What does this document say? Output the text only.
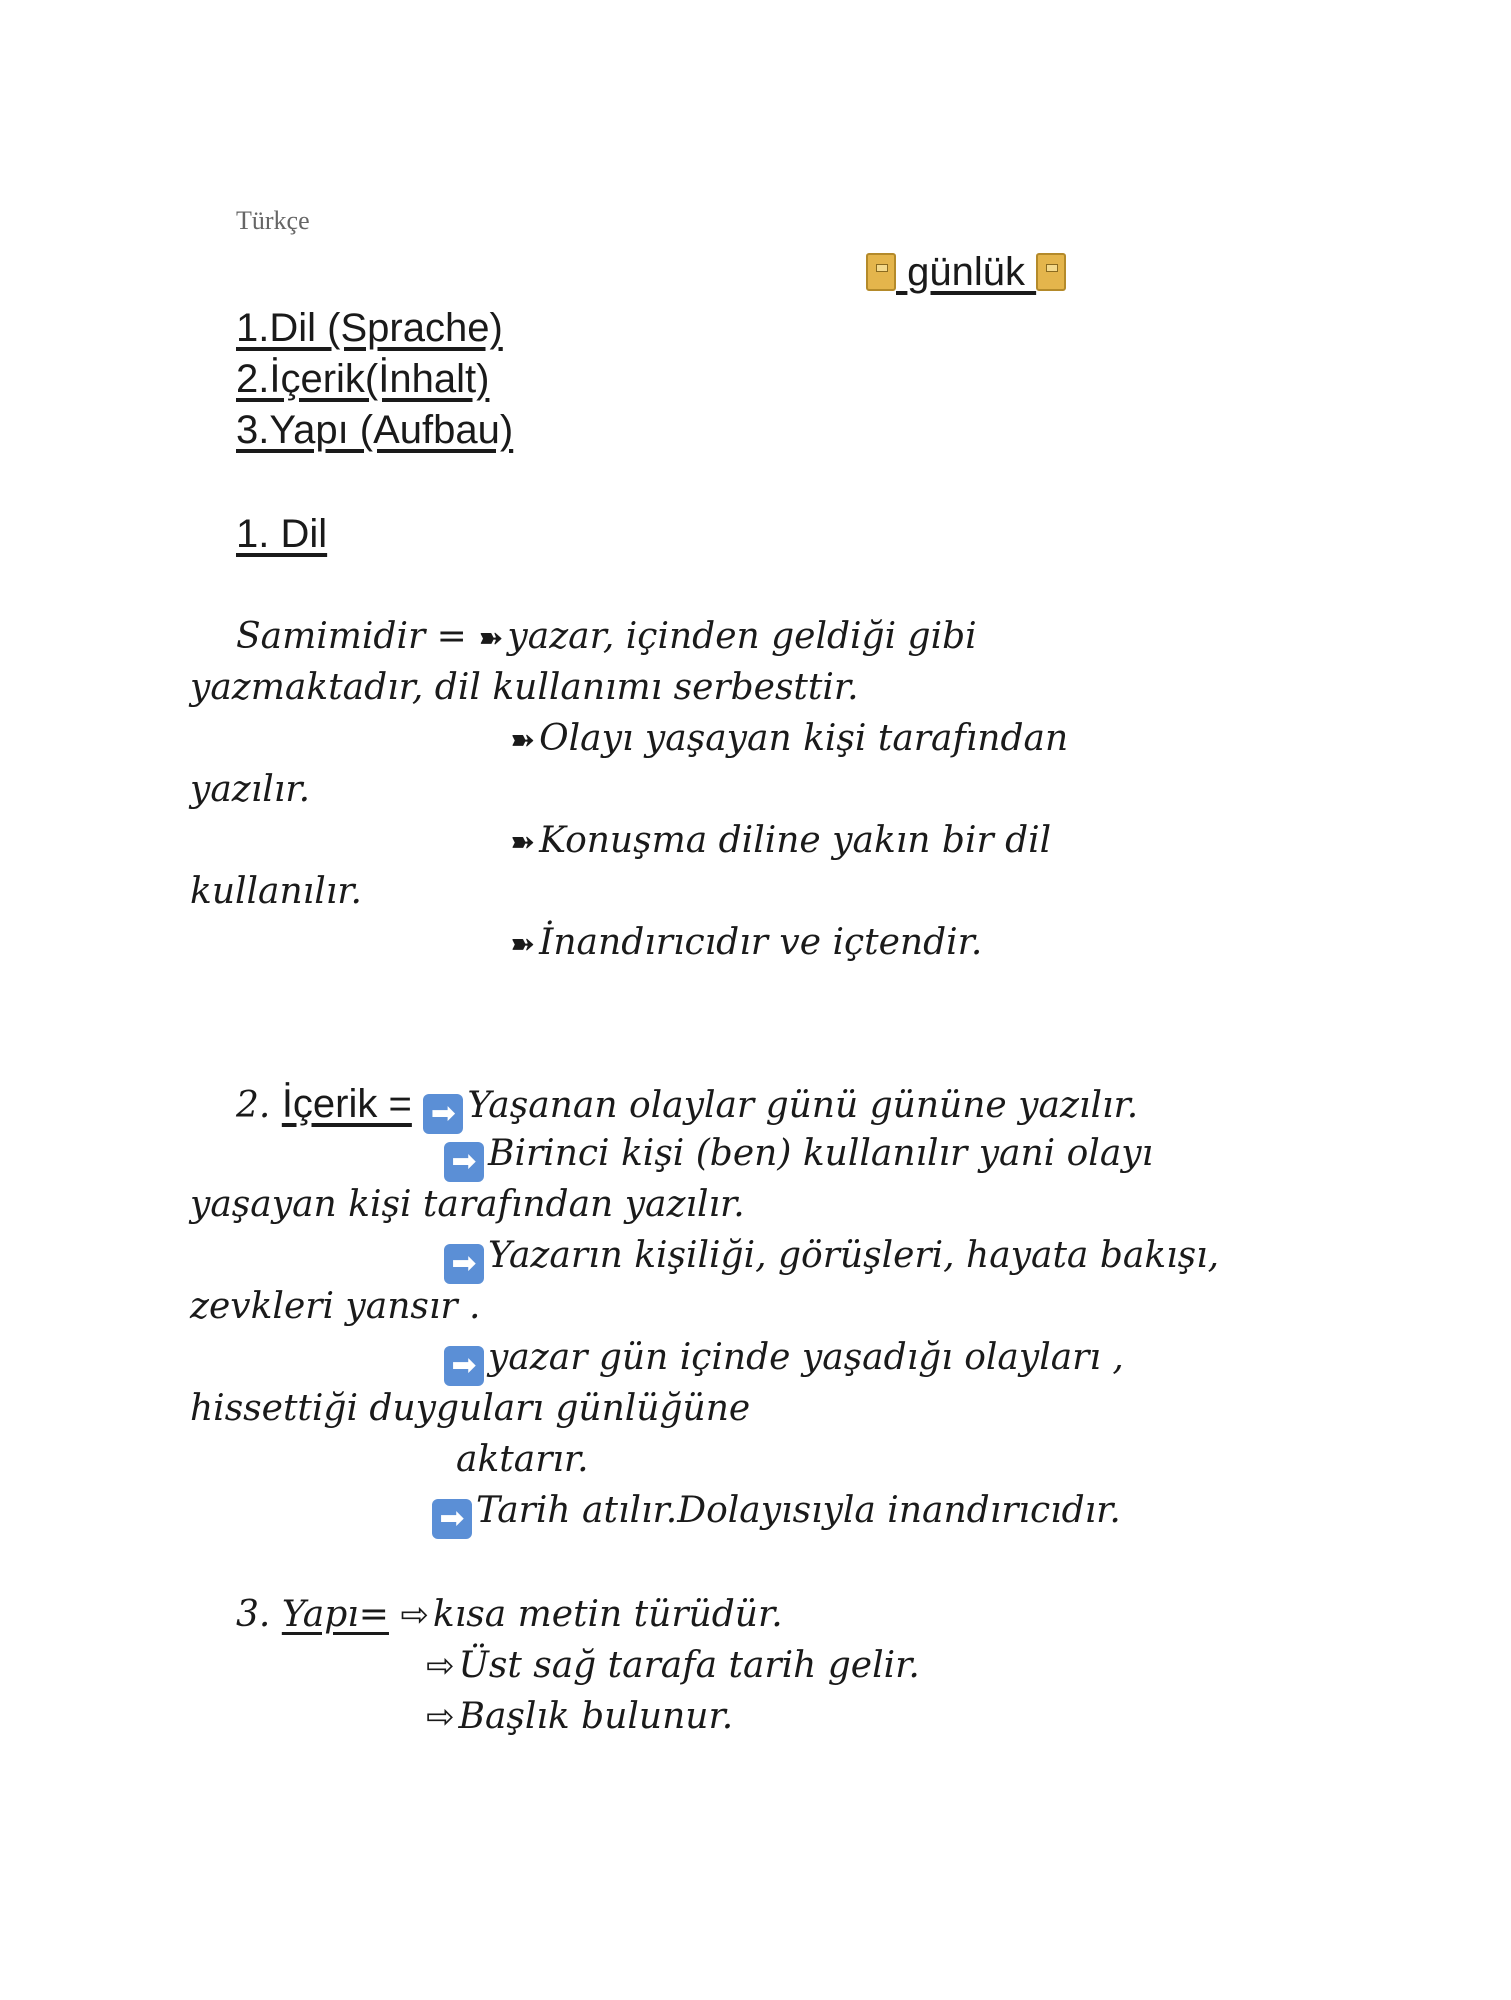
Türkçe
günlük
1.Dil (Sprache)
2.İçerik(İnhalt)
3.Yapı (Aufbau)
1. Dil
Samimidir = ➽ yazar, içinden geldiği gibi
yazmaktadır, dil kullanımı serbesttir.
➽ Olayı yaşayan kişi tarafından
yazılır.
➽ Konuşma diline yakın bir dil
kullanılır.
➽ İnandırıcıdır ve içtendir.
2. İçerik = ➡ Yaşanan olaylar günü gününe yazılır.
➡ Birinci kişi (ben) kullanılır yani olayı
yaşayan kişi tarafından yazılır.
➡ Yazarın kişiliği, görüşleri, hayata bakışı,
zevkleri yansır .
➡ yazar gün içinde yaşadığı olayları ,
hissettiği duyguları günlüğüne
aktarır.
➡ Tarih atılır.Dolayısıyla inandırıcıdır.
3. Yapı= ⇨ kısa metin türüdür.
⇨ Üst sağ tarafa tarih gelir.
⇨ Başlık bulunur.
